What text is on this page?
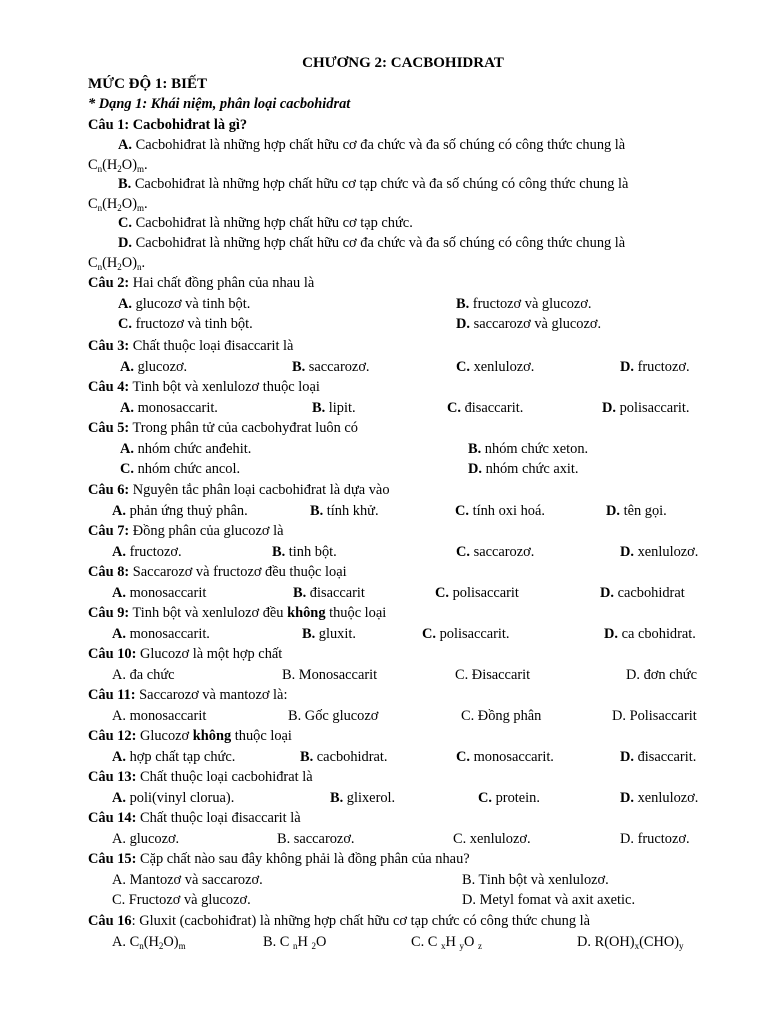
CHƯƠNG 2: CACBOHIDRAT
MỨC ĐỘ 1: BIẾT
* Dạng 1: Khái niệm, phân loại cacbohidrat
Câu 1: Cacbohiđrat là gì?
A. Cacbohiđrat là những hợp chất hữu cơ đa chức và đa số chúng có công thức chung là
$C_n(H_2O)_m$.
B. Cacbohiđrat là những hợp chất hữu cơ tạp chức và đa số chúng có công thức chung là
$C_n(H_2O)_m$.
C. Cacbohiđrat là những hợp chất hữu cơ tạp chức.
D. Cacbohiđrat là những hợp chất hữu cơ đa chức và đa số chúng có công thức chung là
$C_n(H_2O)_n$.
Câu 2: Hai chất đồng phân của nhau là
A. glucozơ và tinh bột.	B. fructozơ và glucozơ.
C. fructozơ và tinh bột.	D. saccarozơ và glucozơ.
Câu 3: Chất thuộc loại đisaccarit là
A. glucozơ.	B. saccarozơ.	C. xenlulozơ.	D. fructozơ.
Câu 4: Tinh bột và xenlulozơ thuộc loại
A. monosaccarit.	B. lipit.	C. đisaccarit.	D. polisaccarit.
Câu 5: Trong phân tử của cacbohyđrat luôn có
A. nhóm chức anđehit.	B. nhóm chức xeton.
C. nhóm chức ancol.	D. nhóm chức axit.
Câu 6: Nguyên tắc phân loại cacbohiđrat là dựa vào
A. phản ứng thuỷ phân.	B. tính khử.	C. tính oxi hoá.	D. tên gọi.
Câu 7: Đồng phân của glucozơ là
A. fructozơ.	B. tinh bột.	C. saccarozơ.	D. xenlulozơ.
Câu 8: Saccarozơ và fructozơ đều thuộc loại
A. monosaccarit	B. đisaccarit	C. polisaccarit	D. cacbohidrat
Câu 9: Tinh bột và xenlulozơ đều không thuộc loại
A. monosaccarit.	B. gluxit.	C. polisaccarit.	D. ca cbohidrat.
Câu 10: Glucozơ là một hợp chất
A. đa chức	B. Monosaccarit	C. Đisaccarit	D. đơn chức
Câu 11: Saccarozơ và mantozơ là:
A. monosaccarit	B. Gốc glucozơ	C. Đồng phân	D. Polisaccarit
Câu 12: Glucozơ không thuộc loại
A. hợp chất tạp chức.	B. cacbohidrat.	C. monosaccarit.	D. đisaccarit.
Câu 13: Chất thuộc loại cacbohiđrat là
A. poli(vinyl clorua).	B. glixerol.	C. protein.	D. xenlulozơ.
Câu 14: Chất thuộc loại đisaccarit là
A. glucozơ.	B. saccarozơ.	C. xenlulozơ.	D. fructozơ.
Câu 15: Cặp chất nào sau đây không phải là đồng phân của nhau?
A. Mantozơ và saccarozơ.	B. Tinh bột và xenlulozơ.
C. Fructozơ và glucozơ.	D. Metyl fomat và axit axetic.
Câu 16: Gluxit (cacbohiđrat) là những hợp chất hữu cơ tạp chức có công thức chung là
A. $C_n(H_2O)_m$	B. C $_n$H $_2$O	C. C $_x$H $_y$O $_z$	D. $R(OH)_x(CHO)_y$
